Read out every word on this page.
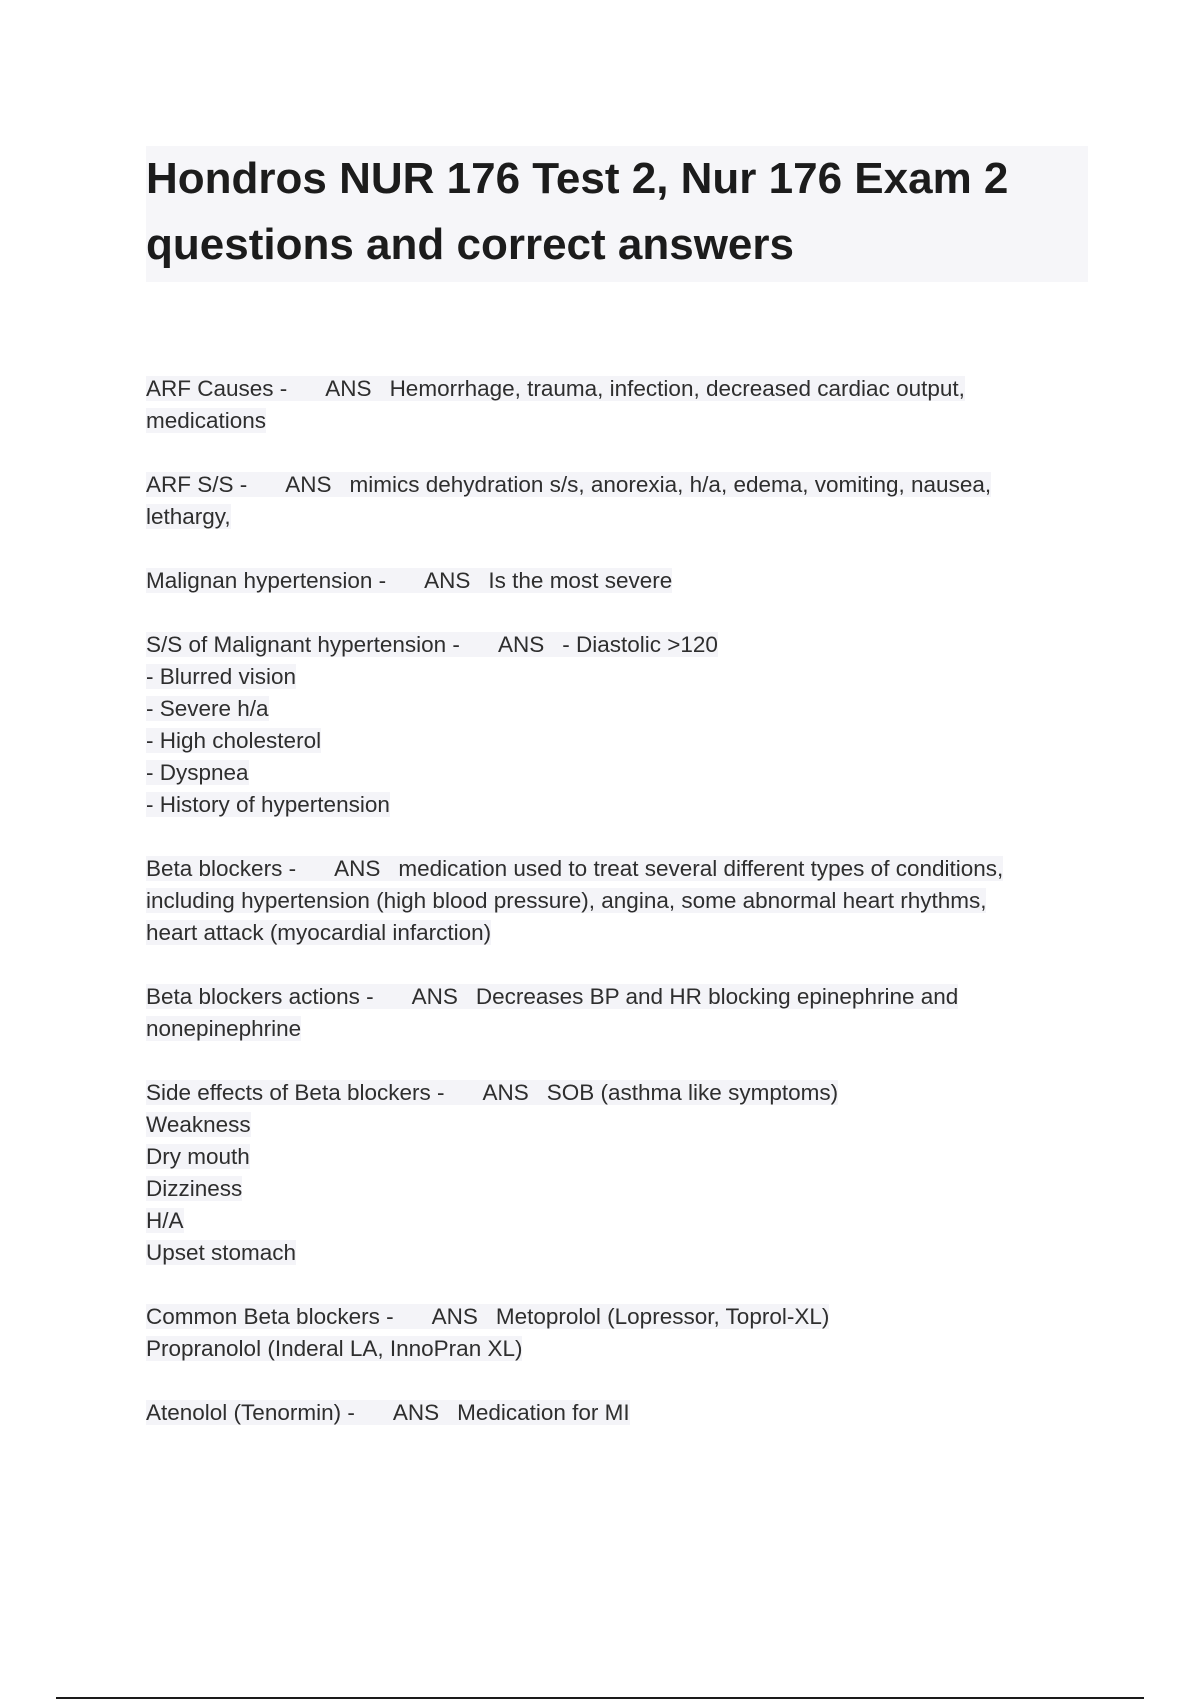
Hondros NUR 176 Test 2, Nur 176 Exam 2
questions and correct answers
ARF Causes - ANS Hemorrhage, trauma, infection, decreased cardiac output,
medications
ARF S/S - ANS mimics dehydration s/s, anorexia, h/a, edema, vomiting, nausea,
lethargy,
Malignan hypertension - ANS Is the most severe
S/S of Malignant hypertension - ANS - Diastolic >120
- Blurred vision
- Severe h/a
- High cholesterol
- Dyspnea
- History of hypertension
Beta blockers - ANS medication used to treat several different types of conditions,
including hypertension (high blood pressure), angina, some abnormal heart rhythms,
heart attack (myocardial infarction)
Beta blockers actions - ANS Decreases BP and HR blocking epinephrine and
nonepinephrine
Side effects of Beta blockers - ANS SOB (asthma like symptoms)
Weakness
Dry mouth
Dizziness
H/A
Upset stomach
Common Beta blockers - ANS Metoprolol (Lopressor, Toprol-XL)
Propranolol (Inderal LA, InnoPran XL)
Atenolol (Tenormin) - ANS Medication for MI
